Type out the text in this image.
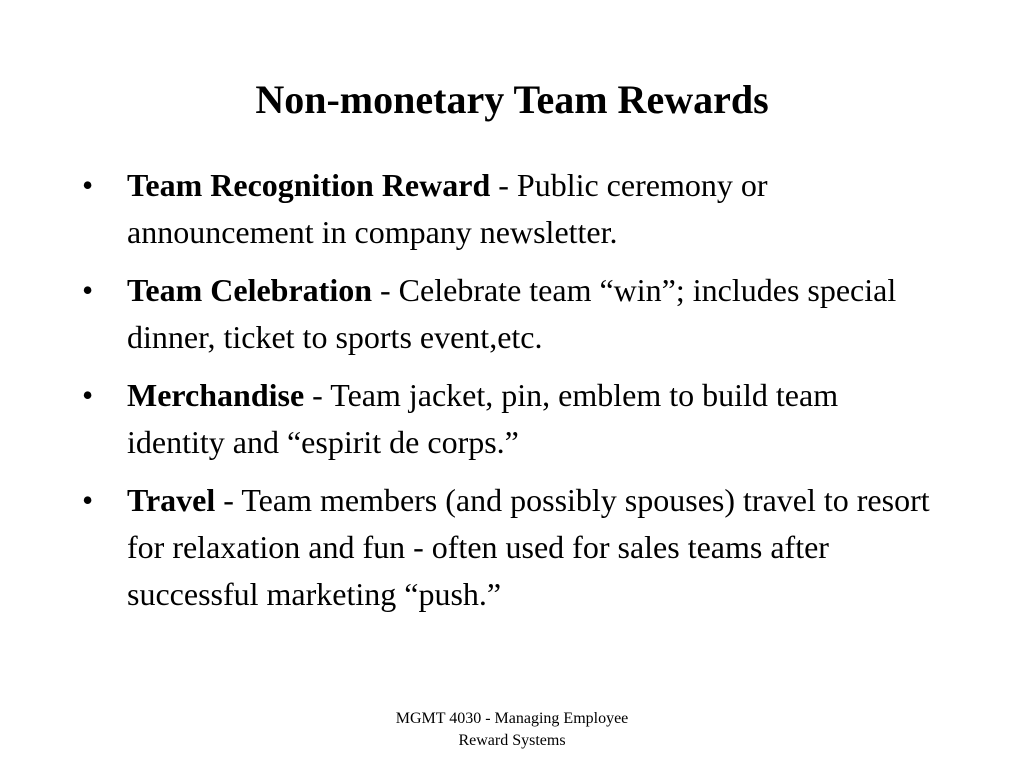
Non-monetary Team Rewards
•	Team Recognition Reward - Public ceremony or announcement in company newsletter.
•	Team Celebration - Celebrate team “win”; includes special dinner, ticket to sports event,etc.
•	Merchandise - Team jacket, pin, emblem to build team identity and “espirit de corps.”
•	Travel - Team members (and possibly spouses) travel to resort for relaxation and fun - often used for sales teams after successful marketing “push.”
MGMT 4030 - Managing Employee
Reward Systems
